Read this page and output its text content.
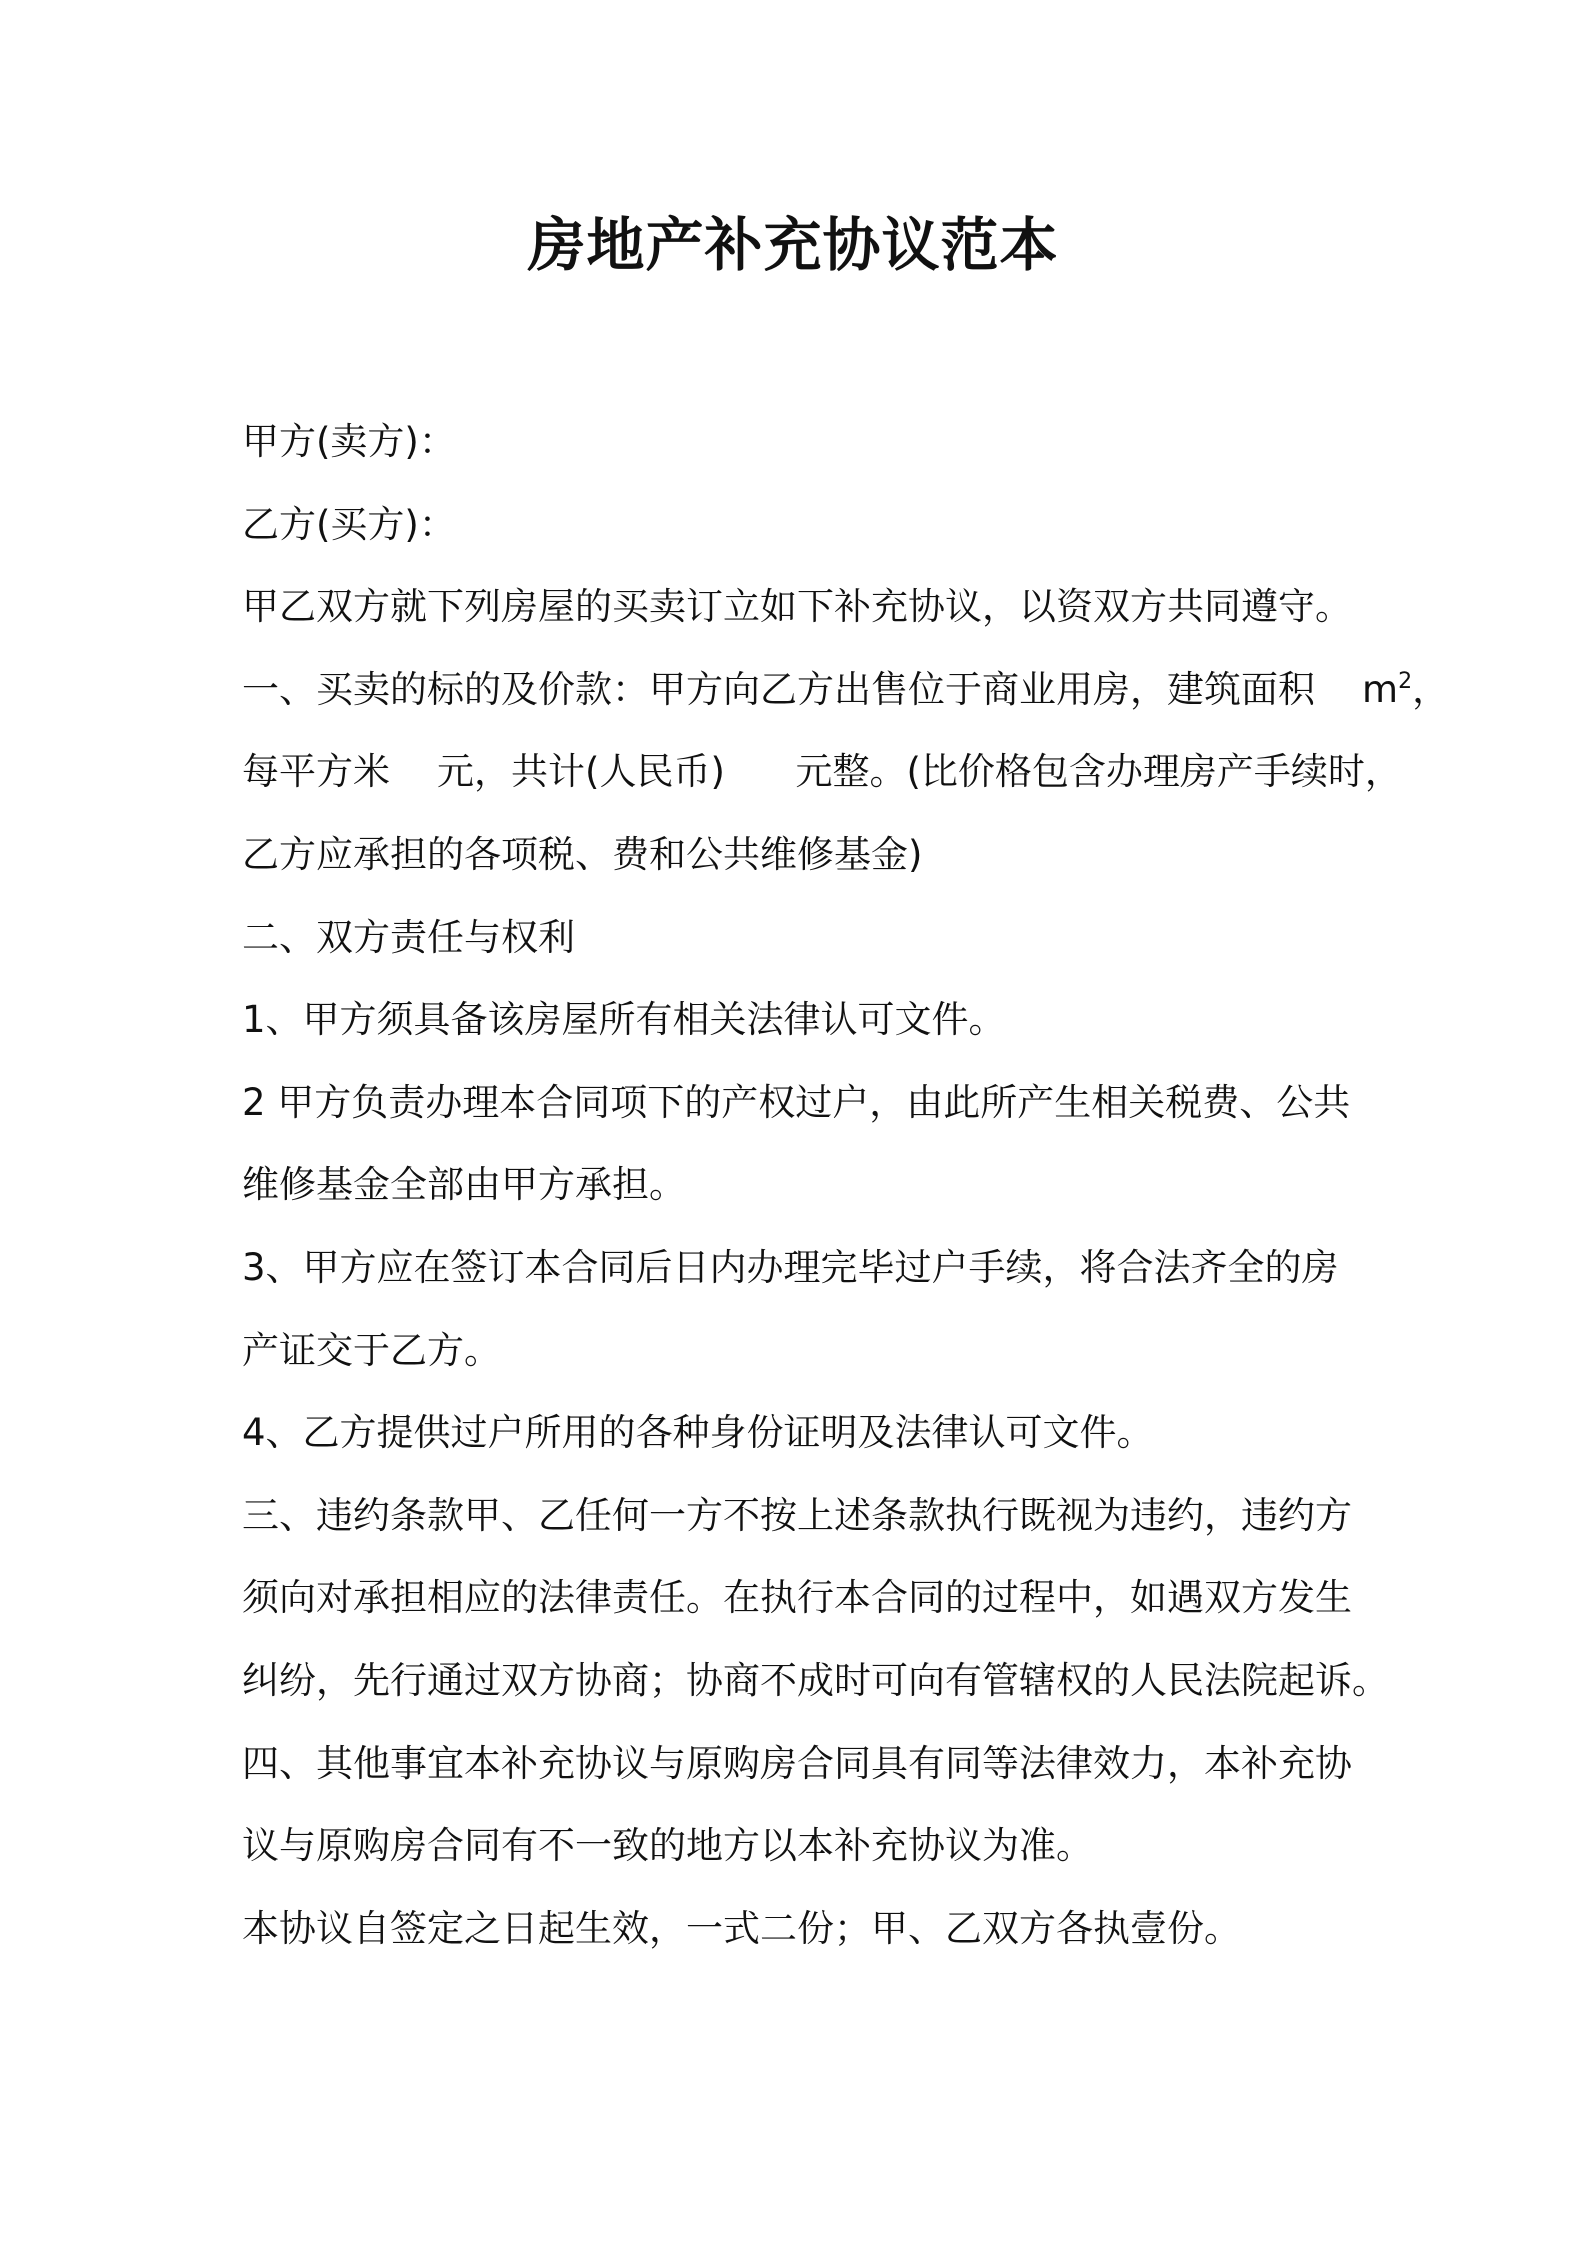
房地产补充协议范本
甲方(卖方)：
乙方(买方)：
甲乙双方就下列房屋的买卖订立如下补充协议，以资双方共同遵守。
一、买卖的标的及价款：甲方向乙方出售位于商业用房，建筑面积    $m^2$，
每平方米    元，共计(人民币)      元整。(比价格包含办理房产手续时，
乙方应承担的各项税、费和公共维修基金)
二、双方责任与权利
1、甲方须具备该房屋所有相关法律认可文件。
2 甲方负责办理本合同项下的产权过户，由此所产生相关税费、公共
维修基金全部由甲方承担。
3、甲方应在签订本合同后日内办理完毕过户手续，将合法齐全的房
产证交于乙方。
4、乙方提供过户所用的各种身份证明及法律认可文件。
三、违约条款甲、乙任何一方不按上述条款执行既视为违约，违约方
须向对承担相应的法律责任。在执行本合同的过程中，如遇双方发生
纠纷，先行通过双方协商；协商不成时可向有管辖权的人民法院起诉。
四、其他事宜本补充协议与原购房合同具有同等法律效力，本补充协
议与原购房合同有不一致的地方以本补充协议为准。
本协议自签定之日起生效，一式二份；甲、乙双方各执壹份。
